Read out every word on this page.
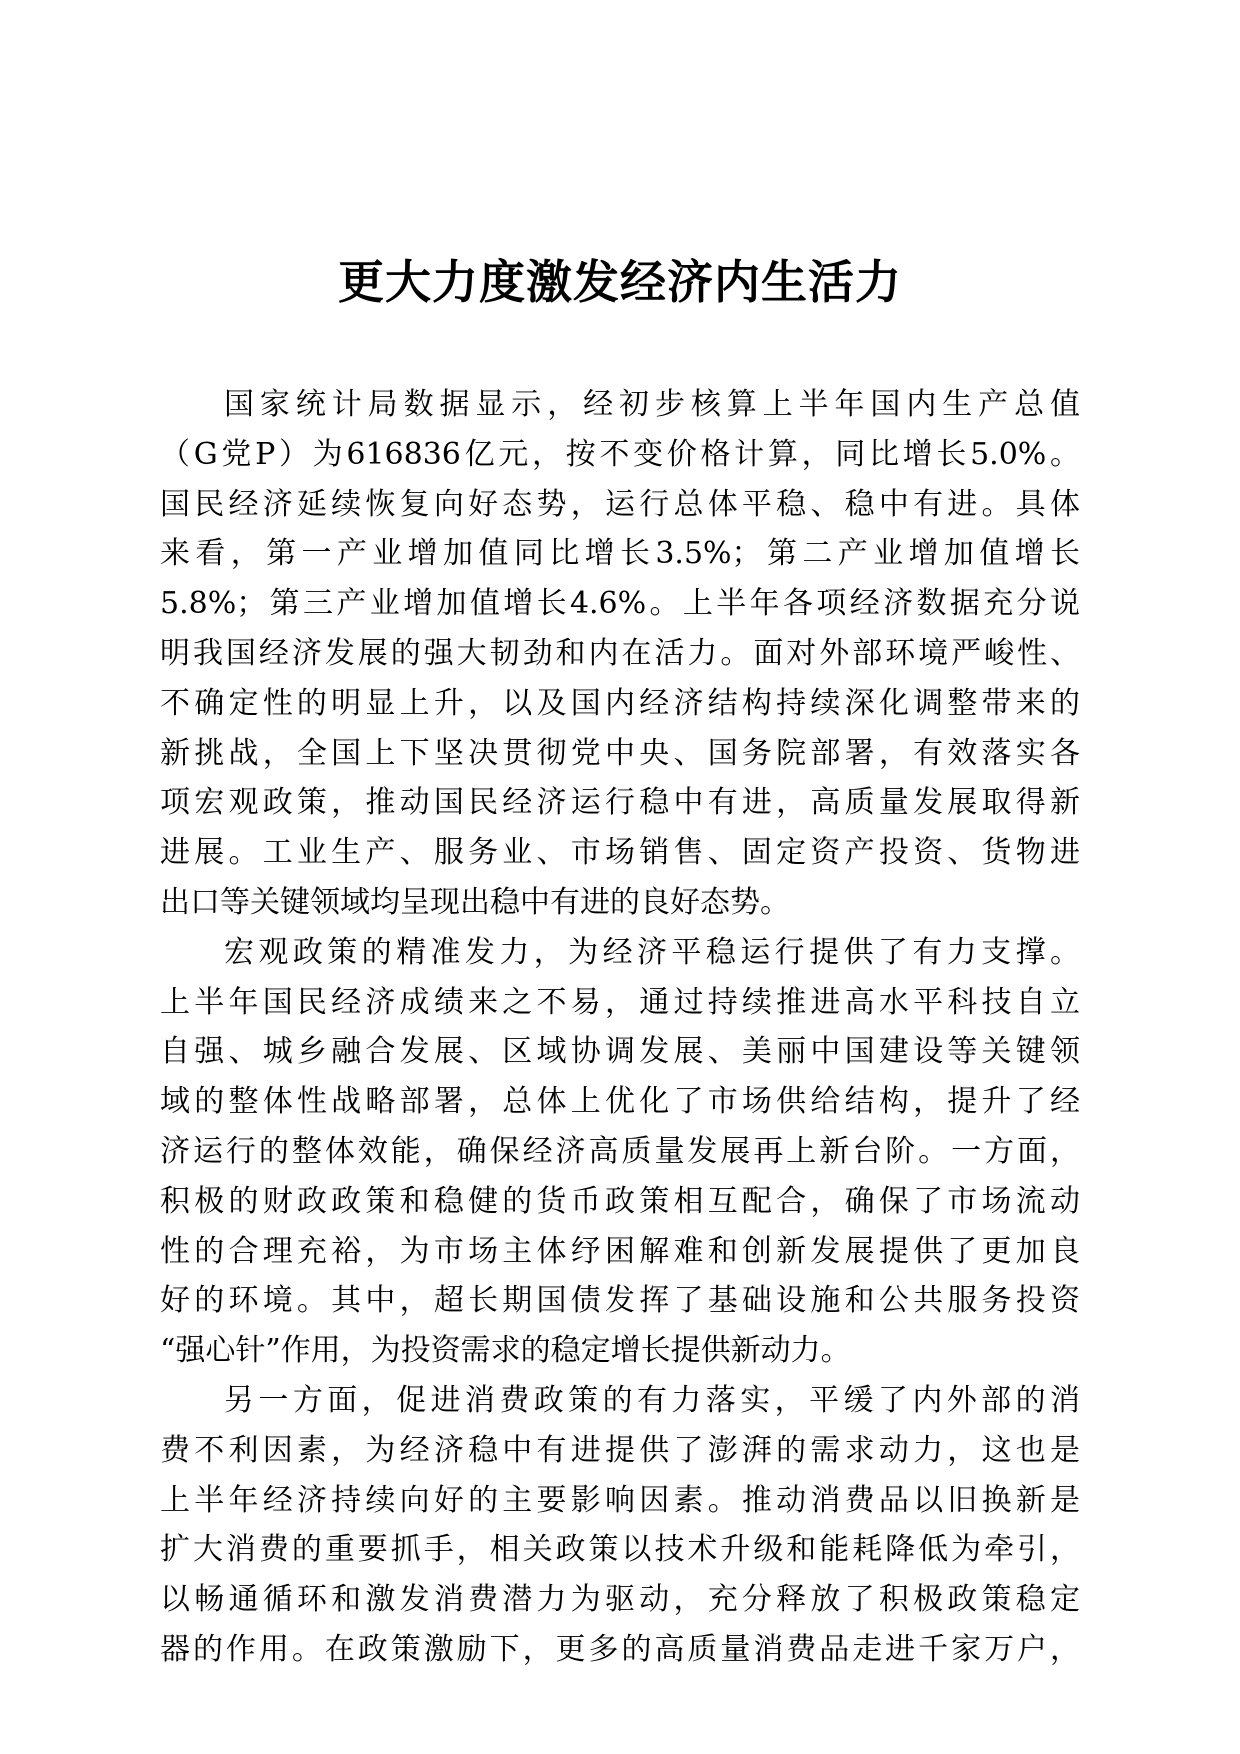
更大力度激发经济内生活力
国家统计局数据显示，经初步核算上半年国内生产总值
（G党P）为616836亿元，按不变价格计算，同比增长5.0%。
国民经济延续恢复向好态势，运行总体平稳、稳中有进。具体
来看，第一产业增加值同比增长3.5%；第二产业增加值增长
5.8%；第三产业增加值增长4.6%。上半年各项经济数据充分说
明我国经济发展的强大韧劲和内在活力。面对外部环境严峻性、
不确定性的明显上升，以及国内经济结构持续深化调整带来的
新挑战，全国上下坚决贯彻党中央、国务院部署，有效落实各
项宏观政策，推动国民经济运行稳中有进，高质量发展取得新
进展。工业生产、服务业、市场销售、固定资产投资、货物进
出口等关键领域均呈现出稳中有进的良好态势。
宏观政策的精准发力，为经济平稳运行提供了有力支撑。
上半年国民经济成绩来之不易，通过持续推进高水平科技自立
自强、城乡融合发展、区域协调发展、美丽中国建设等关键领
域的整体性战略部署，总体上优化了市场供给结构，提升了经
济运行的整体效能，确保经济高质量发展再上新台阶。一方面，
积极的财政政策和稳健的货币政策相互配合，确保了市场流动
性的合理充裕，为市场主体纾困解难和创新发展提供了更加良
好的环境。其中，超长期国债发挥了基础设施和公共服务投资
“强心针”作用，为投资需求的稳定增长提供新动力。
另一方面，促进消费政策的有力落实，平缓了内外部的消
费不利因素，为经济稳中有进提供了澎湃的需求动力，这也是
上半年经济持续向好的主要影响因素。推动消费品以旧换新是
扩大消费的重要抓手，相关政策以技术升级和能耗降低为牵引，
以畅通循环和激发消费潜力为驱动，充分释放了积极政策稳定
器的作用。在政策激励下，更多的高质量消费品走进千家万户，
